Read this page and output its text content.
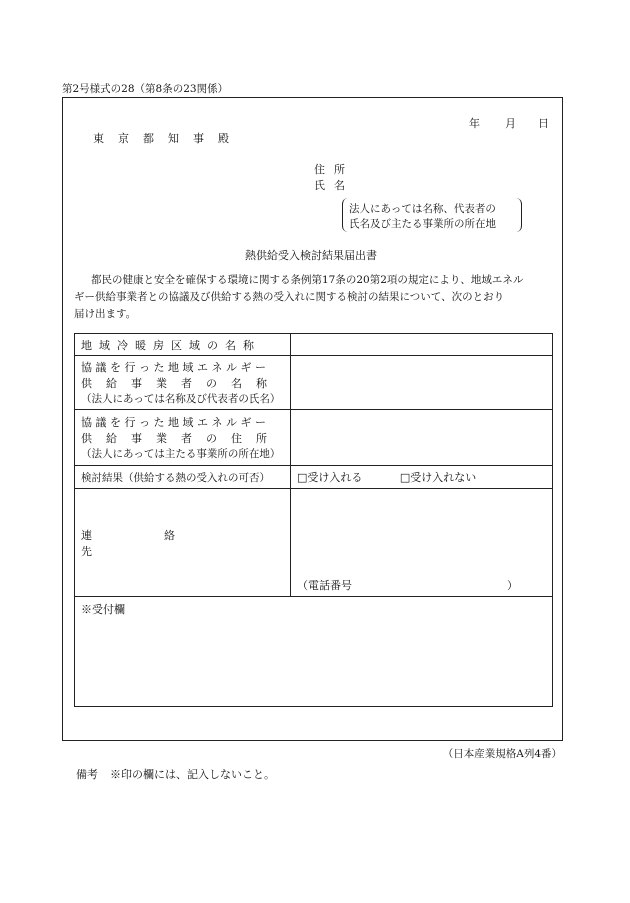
第2号様式の28（第8条の23関係）
年 月 日
東京都知事殿
住所
氏名
法人にあっては名称、代表者の
氏名及び主たる事業所の所在地
熱供給受入検討結果届出書
都民の健康と安全を確保する環境に関する条例第17条の20第2項の規定により、地域エネル
ギー供給事業者との協議及び供給する熱の受入れに関する検討の結果について、次のとおり
届け出ます。
地域冷暖房区域の名称	

協議を行った地域エネルギー
供給事業者の名称
（法人にあっては名称及び代表者の氏名）	

協議を行った地域エネルギー
供給事業者の住所
（法人にあっては主たる事業所の所在地）	

検討結果（供給する熱の受入れの可否）	□受け入れる □受け入れない

連絡先	（電話番号 ）

※受付欄	
（日本産業規格A列4番）
備考 ※印の欄には、記入しないこと。
